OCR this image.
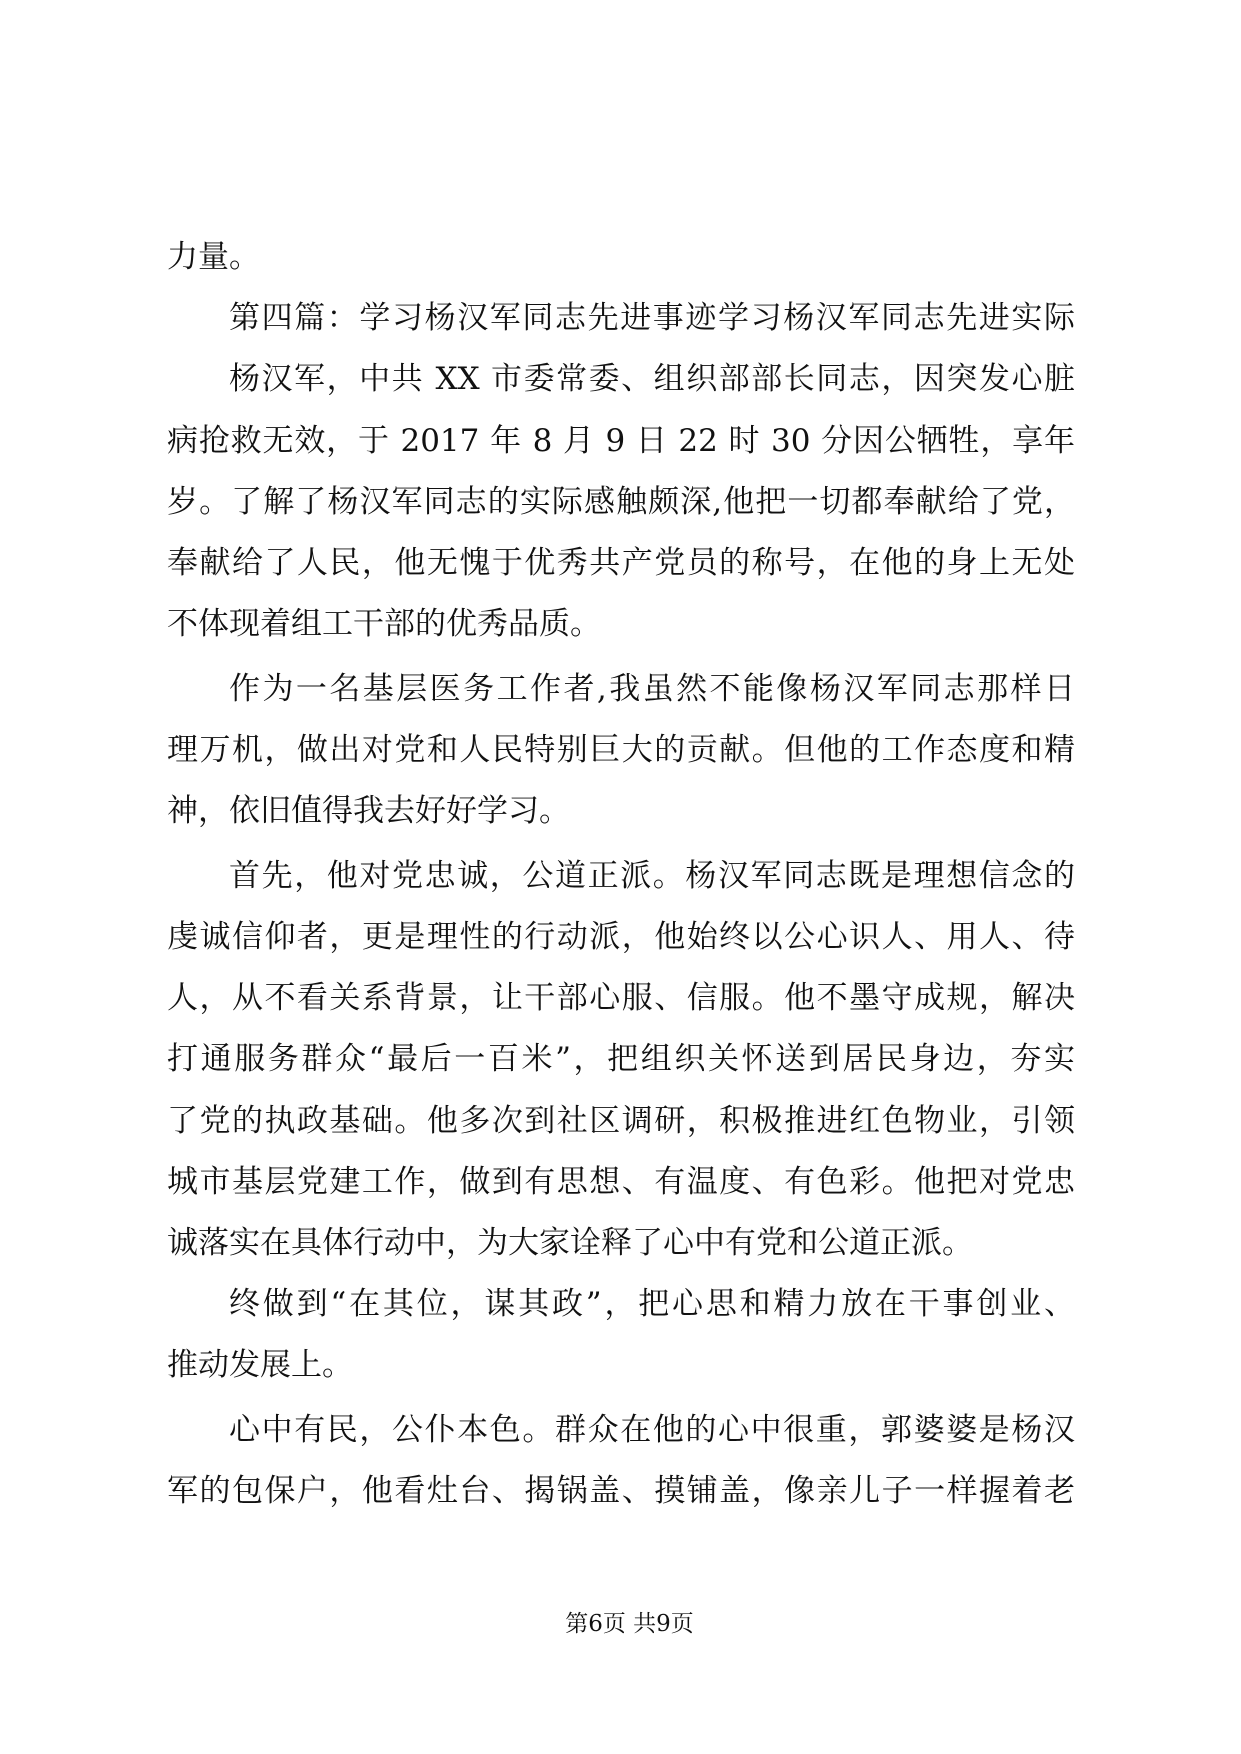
力量。
第四篇：学习杨汉军同志先进事迹学习杨汉军同志先进实际
杨汉军，中共 XX 市委常委、组织部部长同志，因突发心脏
病抢救无效，于 2017 年 8 月 9 日 22 时 30 分因公牺牲，享年
岁。了解了杨汉军同志的实际感触颇深,他把一切都奉献给了党，
奉献给了人民，他无愧于优秀共产党员的称号，在他的身上无处
不体现着组工干部的优秀品质。
作为一名基层医务工作者,我虽然不能像杨汉军同志那样日
理万机，做出对党和人民特别巨大的贡献。但他的工作态度和精
神，依旧值得我去好好学习。
首先，他对党忠诚，公道正派。杨汉军同志既是理想信念的
虔诚信仰者，更是理性的行动派，他始终以公心识人、用人、待
人，从不看关系背景，让干部心服、信服。他不墨守成规，解决
打通服务群众“最后一百米”，把组织关怀送到居民身边，夯实
了党的执政基础。他多次到社区调研，积极推进红色物业，引领
城市基层党建工作，做到有思想、有温度、有色彩。他把对党忠
诚落实在具体行动中，为大家诠释了心中有党和公道正派。
终做到“在其位，谋其政”，把心思和精力放在干事创业、
推动发展上。
心中有民，公仆本色。群众在他的心中很重，郭婆婆是杨汉
军的包保户，他看灶台、揭锅盖、摸铺盖，像亲儿子一样握着老
第6页 共9页
